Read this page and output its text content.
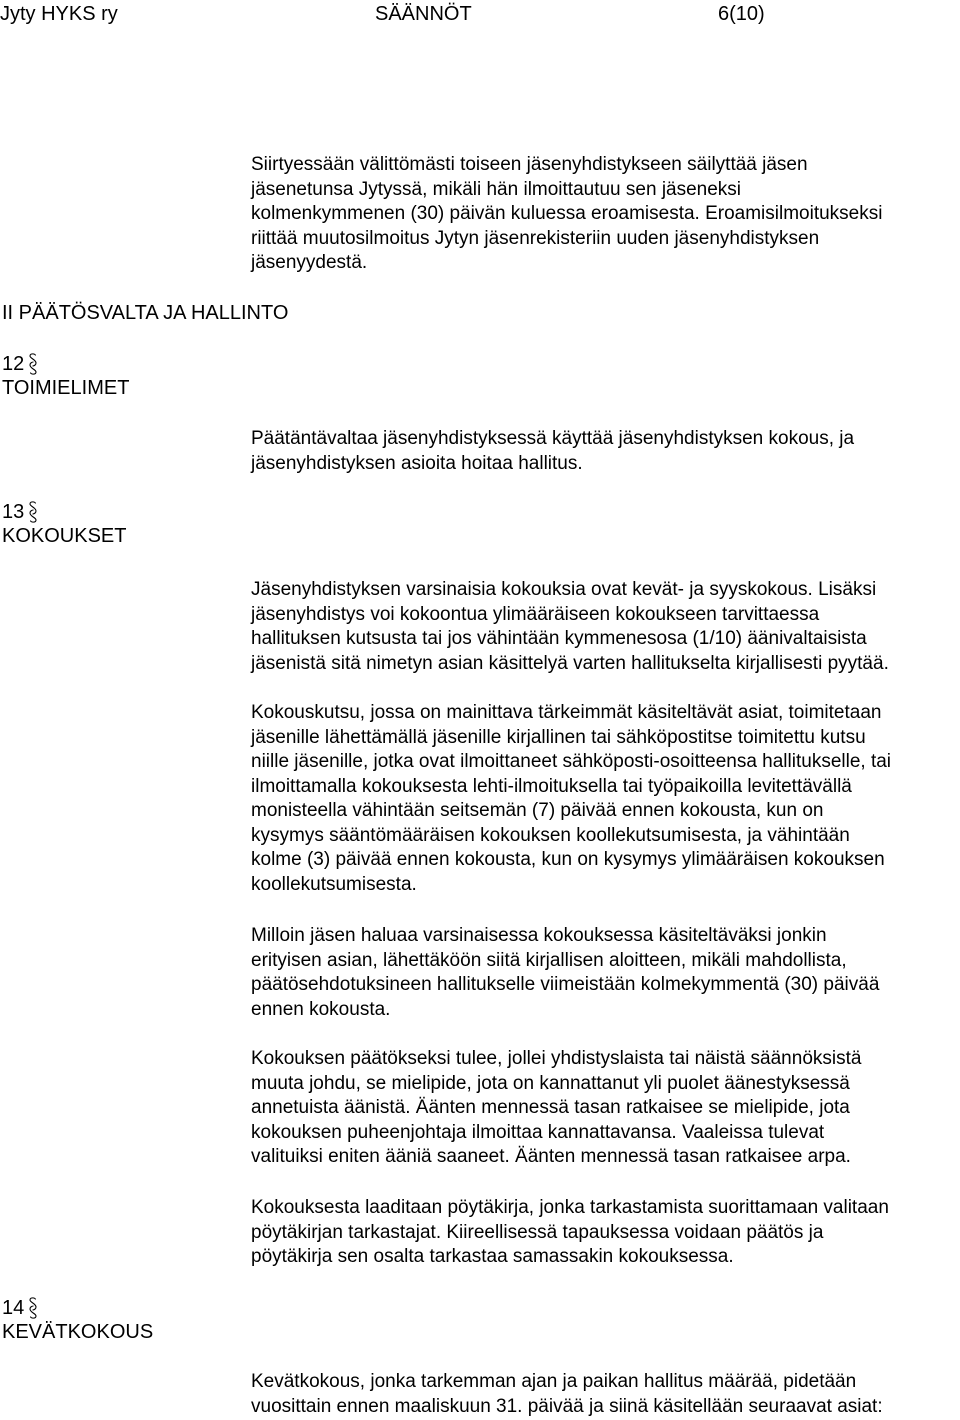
Jyty HYKS ry	SÄÄNNÖT	6(10)
II PÄÄTÖSVALTA JA HALLINTO
12
TOIMIELIMET
13
KOKOUKSET
14
KEVÄTKOKOUS
Siirtyessään välittömästi toiseen jäsenyhdistykseen säilyttää jäsen
jäsenetunsa Jytyssä, mikäli hän ilmoittautuu sen jäseneksi
kolmenkymmenen (30) päivän kuluessa eroamisesta. Eroamisilmoitukseksi
riittää muutosilmoitus Jytyn jäsenrekisteriin uuden jäsenyhdistyksen
jäsenyydestä.
Päätäntävaltaa jäsenyhdistyksessä käyttää jäsenyhdistyksen kokous, ja
jäsenyhdistyksen asioita hoitaa hallitus.
Jäsenyhdistyksen varsinaisia kokouksia ovat kevät- ja syyskokous. Lisäksi
jäsenyhdistys voi kokoontua ylimääräiseen kokoukseen tarvittaessa
hallituksen kutsusta tai jos vähintään kymmenesosa (1/10) äänivaltaisista
jäsenistä sitä nimetyn asian käsittelyä varten hallitukselta kirjallisesti pyytää.
Kokouskutsu, jossa on mainittava tärkeimmät käsiteltävät asiat, toimitetaan
jäsenille lähettämällä jäsenille kirjallinen tai sähköpostitse toimitettu kutsu
niille jäsenille, jotka ovat ilmoittaneet sähköposti-osoitteensa hallitukselle, tai
ilmoittamalla kokouksesta lehti-ilmoituksella tai työpaikoilla levitettävällä
monisteella vähintään seitsemän (7) päivää ennen kokousta, kun on
kysymys sääntömääräisen kokouksen koollekutsumisesta, ja vähintään
kolme (3) päivää ennen kokousta, kun on kysymys ylimääräisen kokouksen
koollekutsumisesta.
Milloin jäsen haluaa varsinaisessa kokouksessa käsiteltäväksi jonkin
erityisen asian, lähettäköön siitä kirjallisen aloitteen, mikäli mahdollista,
päätösehdotuksineen hallitukselle viimeistään kolmekymmentä (30) päivää
ennen kokousta.
Kokouksen päätökseksi tulee, jollei yhdistyslaista tai näistä säännöksistä
muuta johdu, se mielipide, jota on kannattanut yli puolet äänestyksessä
annetuista äänistä. Äänten mennessä tasan ratkaisee se mielipide, jota
kokouksen puheenjohtaja ilmoittaa kannattavansa. Vaaleissa tulevat
valituiksi eniten ääniä saaneet. Äänten mennessä tasan ratkaisee arpa.
Kokouksesta laaditaan pöytäkirja, jonka tarkastamista suorittamaan valitaan
pöytäkirjan tarkastajat. Kiireellisessä tapauksessa voidaan päätös ja
pöytäkirja sen osalta tarkastaa samassakin kokouksessa.
Kevätkokous, jonka tarkemman ajan ja paikan hallitus määrää, pidetään
vuosittain ennen maaliskuun 31. päivää ja siinä käsitellään seuraavat asiat:
